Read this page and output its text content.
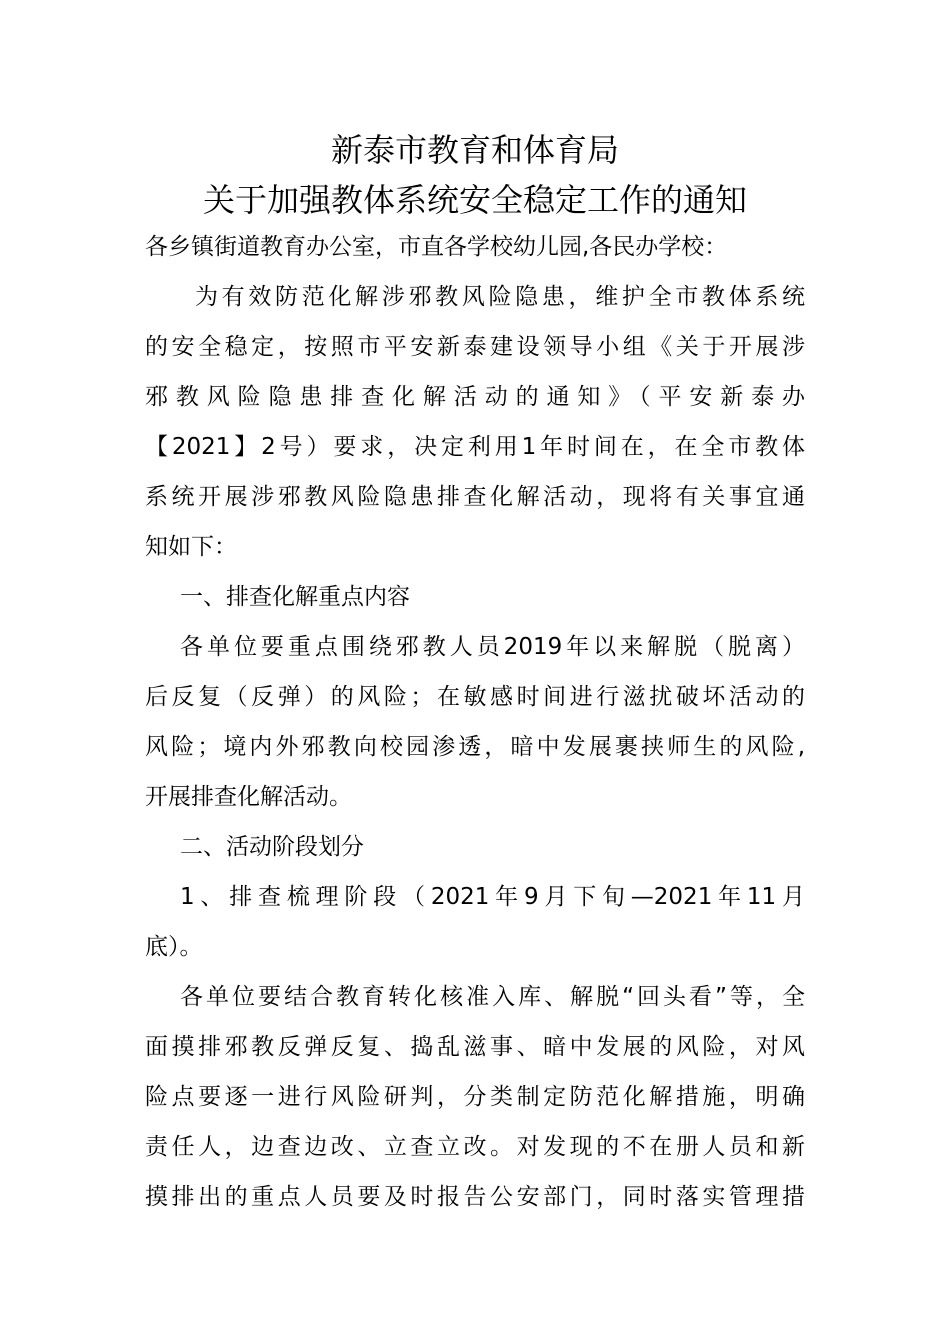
新泰市教育和体育局
关于加强教体系统安全稳定工作的通知
各乡镇街道教育办公室，市直各学校幼儿园,各民办学校：
为有效防范化解涉邪教风险隐患，维护全市教体系统
的安全稳定，按照市平安新泰建设领导小组《关于开展涉
邪教风险隐患排查化解活动的通知》（平安新泰办
【2021】2号）要求，决定利用1年时间在，在全市教体
系统开展涉邪教风险隐患排查化解活动，现将有关事宜通
知如下：
一、排查化解重点内容
各单位要重点围绕邪教人员2019年以来解脱（脱离）
后反复（反弹）的风险；在敏感时间进行滋扰破坏活动的
风险；境内外邪教向校园渗透，暗中发展裹挟师生的风险,
开展排查化解活动。
二、活动阶段划分
1、排查梳理阶段（2021年9月下旬—2021年11月
底）。
各单位要结合教育转化核准入库、解脱“回头看”等，全
面摸排邪教反弹反复、捣乱滋事、暗中发展的风险，对风
险点要逐一进行风险研判，分类制定防范化解措施，明确
责任人，边查边改、立查立改。对发现的不在册人员和新
摸排出的重点人员要及时报告公安部门，同时落实管理措
